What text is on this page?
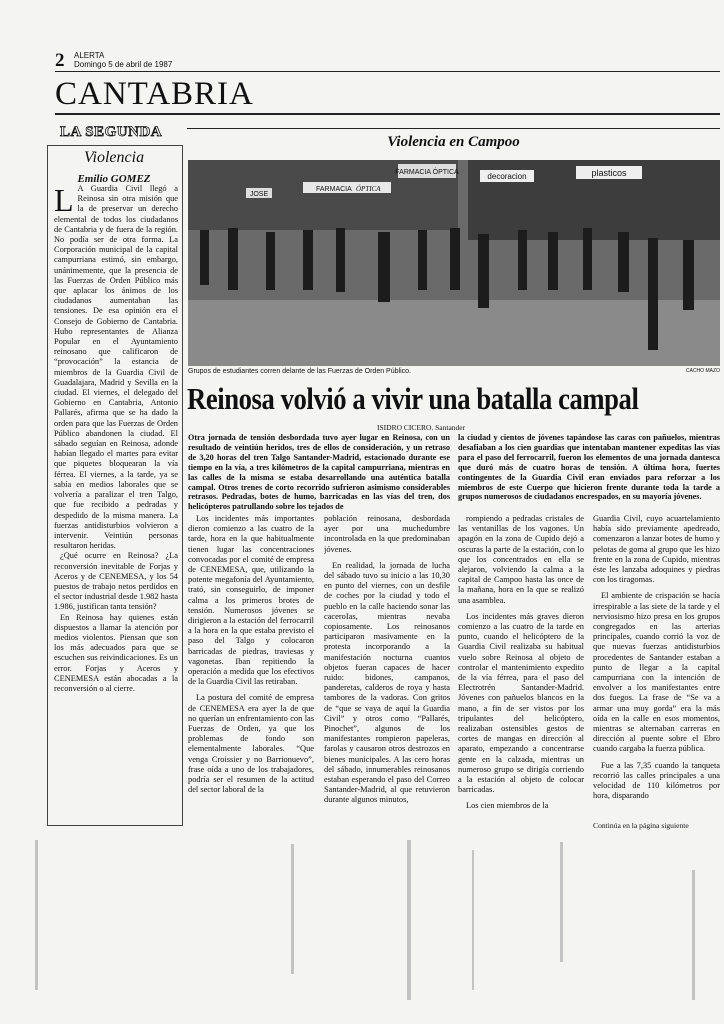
2 ALERTA
Domingo 5 de abril de 1987
CANTABRIA
LA SEGUNDA
Violencia
Emilio GOMEZ

L A Guardia Civil llegó a Reinosa sin otra misión que la de preservar un derecho elemental de todos los ciudadanos de Cantabria y de fuera de la región. No podía ser de otra forma. La Corporación municipal de la capital campurriana estimó, sin embargo, unánimemente, que la presencia de las Fuerzas de Orden Público más que aplacar los ánimos de los ciudadanos aumentaban las tensiones. De esa opinión era el Consejo de Gobierno de Cantabria. Hubo representantes de Alianza Popular en el Ayuntamiento reinosano que calificaron de “provocación” la estancia de miembros de la Guardia Civil de Guadalajara, Madrid y Sevilla en la ciudad. El viernes, el delegado del Gobierno en Cantabria, Antonio Pallarés, afirma que se ha dado la orden para que las Fuerzas de Orden Público abandonen la ciudad. El sábado seguían en Reinosa, adonde habían llegado el martes para evitar que piquetes bloquearan la vía férrea. El viernes, a la tarde, ya se sabía en medios laborales que se volvería a paralizar el tren Talgo, que fue recibido a pedradas y despedido de la misma manera. La fuerzas antidisturbios volvieron a intervenir. Veintiún personas resultaron heridas.

¿Qué ocurre en Reinosa? ¿La reconversión inevitable de Forjas y Aceros y de CENEMESA, y los 54 puestos de trabajo netos perdidos en el sector industrial desde 1.982 hasta 1.986, justifican tanta tensión?

En Reinosa hay quienes están dispuestos a llamar la atención por medios violentos. Piensan que son los más adecuados para que se escuchen sus reivindicaciones. Es un error. Forjas y Aceros y CENEMESA están abocadas a la reconversión o al cierre.

Violencia en Campoo
FARMACIA ÓPTICA
FARMACIA ÓPTICA
decoracion	plasticos
JOSE
Grupos de estudiantes corren delante de las Fuerzas de Orden Público.	CACHO MAZO
Reinosa volvió a vivir una batalla campal
ISIDRO CICERO. Santander

Otra jornada de tensión desbordada tuvo ayer lugar en Reinosa, con un resultado de veintiún heridos, tres de ellos de consideración, y un retraso de 3,20 horas del tren Talgo Santander-Madrid, estacionado durante ese tiempo en la vía, a tres kilómetros de la capital campurriana, mientras en las calles de la misma se estaba desarrollando una auténtica batalla campal. Otros trenes de corto recorrido sufrieron asimismo considerables retrasos. Pedradas, botes de humo, barricadas en las vías del tren, dos helicópteros patrullando sobre los tejados de

la ciudad y cientos de jóvenes tapándose las caras con pañuelos, mientras desafiaban a los cien guardias que intentaban mantener expeditas las vías para el paso del ferrocarril, fueron los elementos de una jornada dantesca que duró más de cuatro horas de tensión. A última hora, fuertes contingentes de la Guardia Civil eran enviados para reforzar a los miembros de este Cuerpo que hicieron frente durante toda la tarde a grupos numerosos de ciudadanos encrespados, en su mayoría jóvenes.

Los incidentes más importantes dieron comienzo a las cuatro de la tarde, hora en la que habitualmente tienen lugar las concentraciones convocadas por el comité de empresa de CENEMESA, que, utilizando la potente megafonía del Ayuntamiento, trató, sin conseguirlo, de imponer calma a los primeros brotes de tensión. Numerosos jóvenes se dirigieron a la estación del ferrocarril a la hora en la que estaba previsto el paso del Talgo y colocaron barricadas de piedras, traviesas y vagonetas. Iban repitiendo la operación a medida que los efectivos de la Guardia Civil las retiraban.

La postura del comité de empresa de CENEMESA era ayer la de que no querían un enfrentamiento con las Fuerzas de Orden, ya que los problemas de fondo son elementalmente laborales. “Que venga Croissier y no Barrionuevo”, frase oída a uno de los trabajadores, podría ser el resumen de la actitud del sector laboral de la

población reinosana, desbordada ayer por una muchedumbre incontrolada en la que predominaban jóvenes.

En realidad, la jornada de lucha del sábado tuvo su inicio a las 10,30 en punto del viernes, con un desfile de coches por la ciudad y todo el pueblo en la calle haciendo sonar las caceroIas, mientras nevaba copiosamente. Los reinosanos participaron masivamente en la protesta incorporando a la manifestación nocturna cuantos objetos fueran capaces de hacer ruido: bidones, campanos, panderetas, calderos de roya y hasta tambores de la vadoras. Con gritos de “que se vaya de aquí la Guardia Civil” y otros como “Pallarés, Pinochet”, algunos de los manifestantes rompieron papeleras, farolas y causaron otros destrozos en bienes municipales. A las cero horas del sábado, innumerables reinosanos estaban esperando el paso del Correo Santander-Madrid, al que retuvieron durante algunos minutos,

rompiendo a pedradas cristales de las ventanillas de los vagones. Un apagón en la zona de Cupido dejó a oscuras la parte de la estación, con lo que los concentrados en ella se alejaron, volviendo la calma a la capital de Campoo hasta las once de la mañana, hora en la que se realizó una asamblea.

Los incidentes más graves dieron comienzo a las cuatro de la tarde en punto, cuando el helicóptero de la Guardia Civil realizaba su habitual vuelo sobre Reinosa al objeto de controlar el mantenimiento expedito de la vía férrea, para el paso del Electrotrén Santander-Madrid. Jóvenes con pañuelos blancos en la mano, a fin de ser vistos por los tripulantes del helicóptero, realizaban ostensibles gestos de cortes de mangas en dirección al aparato, empezando a concentrarse gente en la calzada, mientras un numeroso grupo se dirigía corriendo a la estación al objeto de colocar barricadas.

Los cien miembros de la

Guardia Civil, cuyo acuartelamiento había sido previamente apedreado, comenzaron a lanzar botes de humo y pelotas de goma al grupo que les hizo frente en la zona de Cupido, mientras éste les lanzaba adoquines y piedras con los tiragomas.

El ambiente de crispación se hacía irrespirable a las siete de la tarde y el nerviosismo hizo presa en los grupos congregados en las arterias principales, cuando corrió la voz de que nuevas fuerzas antidisturbios procedentes de Santander estaban a punto de llegar a la capital campurriana con la intención de envolver a los manifestantes entre dos fuegos. La frase de “Se va a armar una muy gorda” era la más oída en la calle en esos momentos, mientras se alternaban carreras en dirección al puente sobre el Ebro cuando cargaba la fuerza pública.

Fue a las 7,35 cuando la tanqueta recorrió las calles principales a una velocidad de 110 kilómetros por hora, disparando

Continúa en la página siguiente
